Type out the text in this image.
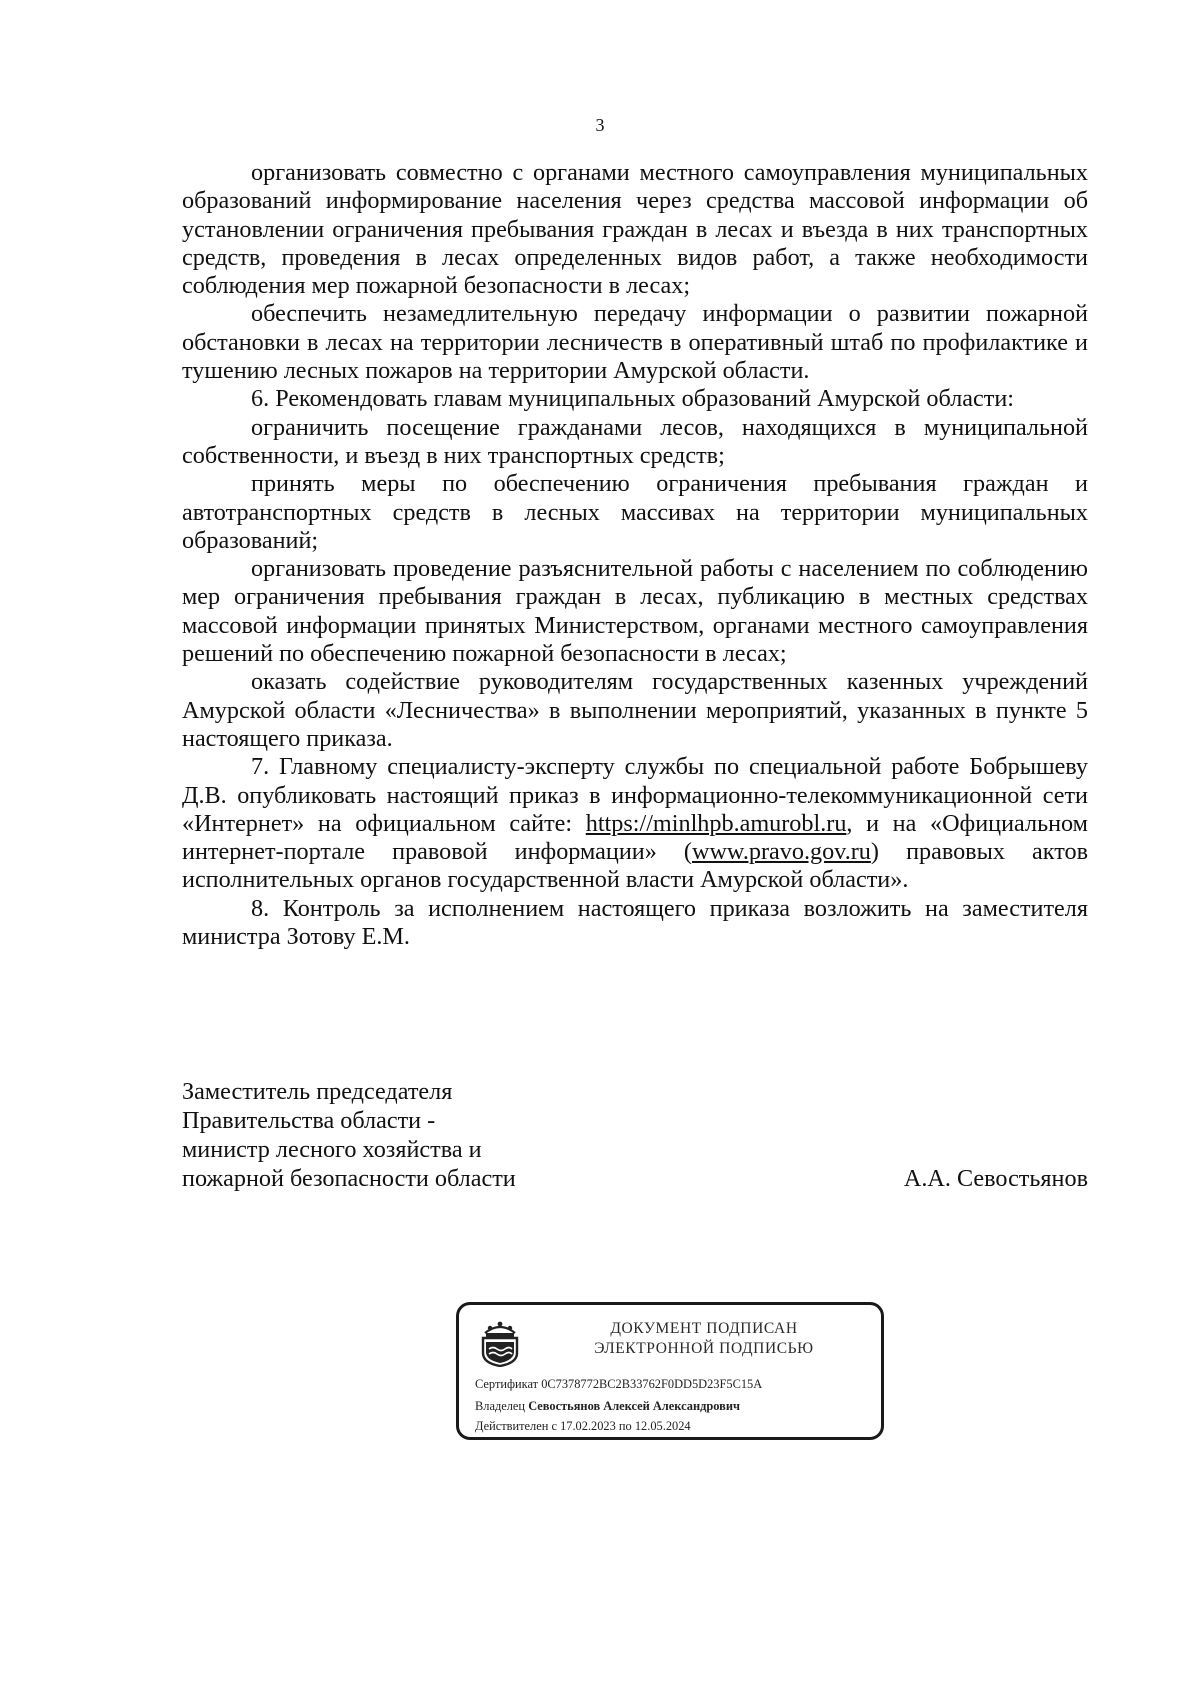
3

организовать совместно с органами местного самоуправления муниципальных образований информирование населения через средства массовой информации об установлении ограничения пребывания граждан в лесах и въезда в них транспортных средств, проведения в лесах определенных видов работ, а также необходимости соблюдения мер пожарной безопасности в лесах;

обеспечить незамедлительную передачу информации о развитии пожарной обстановки в лесах на территории лесничеств в оперативный штаб по профилактике и тушению лесных пожаров на территории Амурской области.

6. Рекомендовать главам муниципальных образований Амурской области:

ограничить посещение гражданами лесов, находящихся в муниципальной собственности, и въезд в них транспортных средств;

принять меры по обеспечению ограничения пребывания граждан и автотранспортных средств в лесных массивах на территории муниципальных образований;

организовать проведение разъяснительной работы с населением по соблюдению мер ограничения пребывания граждан в лесах, публикацию в местных средствах массовой информации принятых Министерством, органами местного самоуправления решений по обеспечению пожарной безопасности в лесах;

оказать содействие руководителям государственных казенных учреждений Амурской области «Лесничества» в выполнении мероприятий, указанных в пункте 5 настоящего приказа.

7. Главному специалисту-эксперту службы по специальной работе Бобрышеву Д.В. опубликовать настоящий приказ в информационно-телекоммуникационной сети «Интернет» на официальном сайте: https://minlhpb.amurobl.ru, и на «Официальном интернет-портале правовой информации» (www.pravo.gov.ru) правовых актов исполнительных органов государственной власти Амурской области».

8. Контроль за исполнением настоящего приказа возложить на заместителя министра Зотову Е.М.

Заместитель председателя
Правительства области -
министр лесного хозяйства и
пожарной безопасности области	А.А. Севостьянов
ДОКУМЕНТ ПОДПИСАН
ЭЛЕКТРОННОЙ ПОДПИСЬЮ
Сертификат 0С7378772ВС2В33762F0DD5D23F5C15A
Владелец Севостьянов Алексей Александрович
Действителен с 17.02.2023 по 12.05.2024
